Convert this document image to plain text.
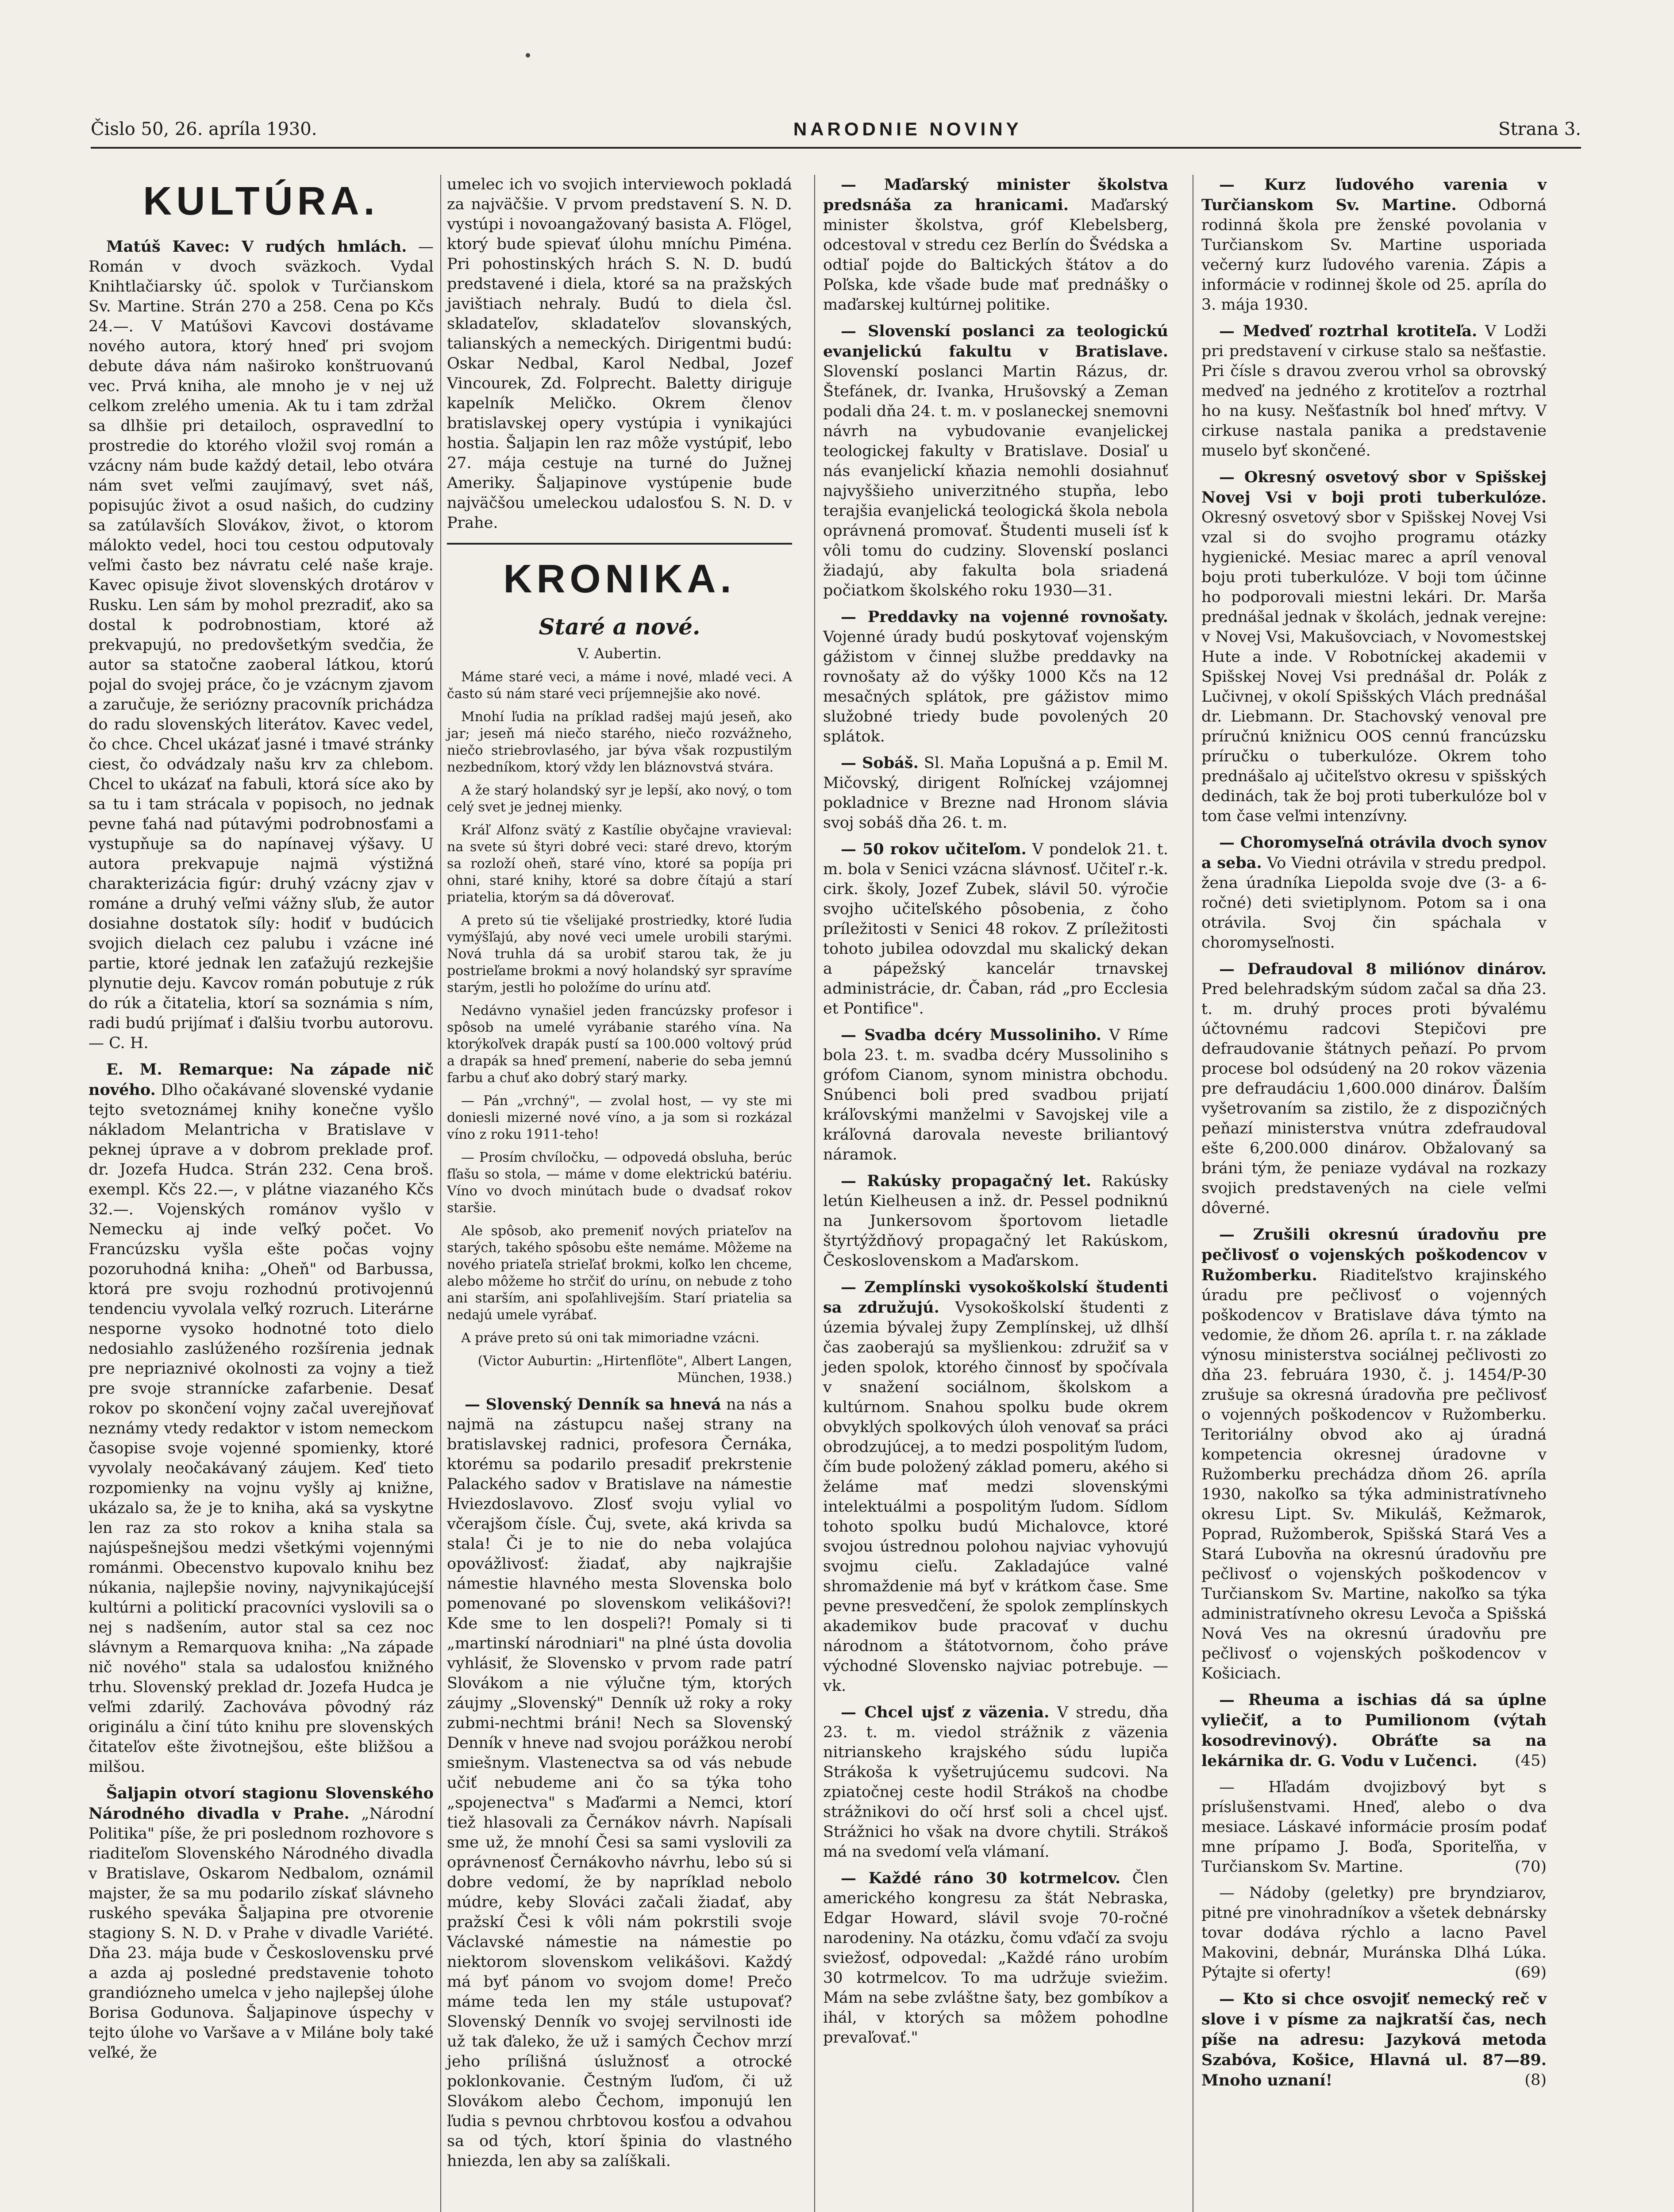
Čislo 50, 26. apríla 1930.	NARODNIE NOVINY	Strana 3.
KULTÚRA.

Matúš Kavec: V rudých hmlách. — Román v dvoch sväzkoch. Vydal Knihtlačiarsky úč. spolok v Turčianskom Sv. Martine. Strán 270 a 258. Cena po Kčs 24.—. V Matúšovi Kavcovi dostávame nového autora, ktorý hneď pri svojom debute dáva nám naširoko konštruovanú vec. Prvá kniha, ale mnoho je v nej už celkom zrelého umenia. Ak tu i tam zdržal sa dlhšie pri detailoch, ospravedlní to prostredie do ktorého vložil svoj román a vzácny nám bude každý detail, lebo otvára nám svet veľmi zaujímavý, svet náš, popisujúc život a osud našich, do cudziny sa zatúlavších Slovákov, život, o ktorom málokto vedel, hoci tou cestou odputovaly veľmi často bez návratu celé naše kraje. Kavec opisuje život slovenských drotárov v Rusku. Len sám by mohol prezradiť, ako sa dostal k podrobnostiam, ktoré až prekvapujú, no predovšetkým svedčia, že autor sa statočne zaoberal látkou, ktorú pojal do svojej práce, čo je vzácnym zjavom a zaručuje, že seriózny pracovník prichádza do radu slovenských literátov. Kavec vedel, čo chce. Chcel ukázať jasné i tmavé stránky ciest, čo odvádzaly našu krv za chlebom. Chcel to ukázať na fabuli, ktorá síce ako by sa tu i tam strácala v popisoch, no jednak pevne ťahá nad pútavými podrobnosťami a vystupňuje sa do napínavej výšavy. U autora prekvapuje najmä výstižná charakterizácia figúr: druhý vzácny zjav v románe a druhý veľmi vážny sľub, že autor dosiahne dostatok síly: hodiť v budúcich svojich dielach cez palubu i vzácne iné partie, ktoré jednak len zaťažujú rezkejšie plynutie deju. Kavcov román pobutuje z rúk do rúk a čitatelia, ktorí sa soznámia s ním, radi budú prijímať i ďalšiu tvorbu autorovu. — C. H.

E. M. Remarque: Na západe nič nového. Dlho očakávané slovenské vydanie tejto svetoznámej knihy konečne vyšlo nákladom Melantricha v Bratislave v peknej úprave a v dobrom preklade prof. dr. Jozefa Hudca. Strán 232. Cena broš. exempl. Kčs 22.—, v plátne viazaného Kčs 32.—. Vojenských románov vyšlo v Nemecku aj inde veľký počet. Vo Francúzsku vyšla ešte počas vojny pozoruhodná kniha: „Oheň" od Barbussa, ktorá pre svoju rozhodnú protivojennú tendenciu vyvolala veľký rozruch. Literárne nesporne vysoko hodnotné toto dielo nedosiahlo zaslúženého rozšírenia jednak pre nepriaznivé okolnosti za vojny a tiež pre svoje strannícke zafarbenie. Desať rokov po skončení vojny začal uverejňovať neznámy vtedy redaktor v istom nemeckom časopise svoje vojenné spomienky, ktoré vyvolaly neočakávaný záujem. Keď tieto rozpomienky na vojnu vyšly aj knižne, ukázalo sa, že je to kniha, aká sa vyskytne len raz za sto rokov a kniha stala sa najúspešnejšou medzi všetkými vojennými románmi. Obecenstvo kupovalo knihu bez núkania, najlepšie noviny, najvynikajúcejší kultúrni a politickí pracovníci vyslovili sa o nej s nadšením, autor stal sa cez noc slávnym a Remarquova kniha: „Na západe nič nového" stala sa udalosťou knižného trhu. Slovenský preklad dr. Jozefa Hudca je veľmi zdarilý. Zachováva pôvodný ráz originálu a činí túto knihu pre slovenských čitateľov ešte životnejšou, ešte bližšou a milšou.

Šaljapin otvorí stagionu Slovenského Národného divadla v Prahe. „Národní Politika" píše, že pri poslednom rozhovore s riaditeľom Slovenského Národného divadla v Bratislave, Oskarom Nedbalom, oznámil majster, že sa mu podarilo získať slávneho ruského speváka Šaljapina pre otvorenie stagiony S. N. D. v Prahe v divadle Variété. Dňa 23. mája bude v Československu prvé a azda aj posledné predstavenie tohoto grandiózneho umelca v jeho najlepšej úlohe Borisa Godunova. Šaljapinove úspechy v tejto úlohe vo Varšave a v Miláne boly také veľké, že

umelec ich vo svojich interviewoch pokladá za najväčšie. V prvom predstavení S. N. D. vystúpi i novoangažovaný basista A. Flögel, ktorý bude spievať úlohu mníchu Piména. Pri pohostinských hrách S. N. D. budú predstavené i diela, ktoré sa na pražských javištiach nehraly. Budú to diela čsl. skladateľov, skladateľov slovanských, talianských a nemeckých. Dirigentmi budú: Oskar Nedbal, Karol Nedbal, Jozef Vincourek, Zd. Folprecht. Baletty diriguje kapelník Meličko. Okrem členov bratislavskej opery vystúpia i vynikajúci hostia. Šaljapin len raz môže vystúpiť, lebo 27. mája cestuje na turné do Južnej Ameriky. Šaljapinove vystúpenie bude najväčšou umeleckou udalosťou S. N. D. v Prahe.

KRONIKA.
Staré a nové.
V. Aubertin.

Máme staré veci, a máme i nové, mladé veci. A často sú nám staré veci príjemnejšie ako nové.

Mnohí ľudia na príklad radšej majú jeseň, ako jar; jeseň má niečo starého, niečo rozvážneho, niečo striebrovlasého, jar býva však rozpustilým nezbedníkom, ktorý vždy len bláznovstvá stvára.

A že starý holandský syr je lepší, ako nový, o tom celý svet je jednej mienky.

Kráľ Alfonz svätý z Kastílie obyčajne vravieval: na svete sú štyri dobré veci: staré drevo, ktorým sa rozloží oheň, staré víno, ktoré sa popíja pri ohni, staré knihy, ktoré sa dobre čítajú a starí priatelia, ktorým sa dá dôverovať.

A preto sú tie všelijaké prostriedky, ktoré ľudia vymýšľajú, aby nové veci umele urobili starými. Nová truhla dá sa urobiť starou tak, že ju postrieľame brokmi a nový holandský syr spravíme starým, jestli ho položíme do urínu atď.

Nedávno vynašiel jeden francúzsky profesor i spôsob na umelé vyrábanie starého vína. Na ktorýkoľvek drapák pustí sa 100.000 voltový prúd a drapák sa hneď premení, naberie do seba jemnú farbu a chuť ako dobrý starý marky.

— Pán „vrchný", — zvolal host, — vy ste mi doniesli mizerné nové víno, a ja som si rozkázal víno z roku 1911-teho!

— Prosím chvíločku, — odpovedá obsluha, berúc fľašu so stola, — máme v dome elektrickú batériu. Víno vo dvoch minútach bude o dvadsať rokov staršie.

Ale spôsob, ako premeniť nových priateľov na starých, takého spôsobu ešte nemáme. Môžeme na nového priateľa strieľať brokmi, koľko len chceme, alebo môžeme ho strčiť do urínu, on nebude z toho ani starším, ani spoľahlivejším. Starí priatelia sa nedajú umele vyrábať.

A práve preto sú oni tak mimoriadne vzácni.

(Victor Auburtin: „Hirtenflöte", Albert Langen, München, 1938.)

— Slovenský Denník sa hnevá na nás a najmä na zástupcu našej strany na bratislavskej radnici, profesora Černáka, ktorému sa podarilo presadiť prekrstenie Palackého sadov v Bratislave na námestie Hviezdoslavovo. Zlosť svoju vylial vo včerajšom čísle. Čuj, svete, aká krivda sa stala! Či je to nie do neba volajúca opovážlivosť: žiadať, aby najkrajšie námestie hlavného mesta Slovenska bolo pomenované po slovenskom velikášovi?! Kde sme to len dospeli?! Pomaly si ti „martinskí národniari" na plné ústa dovolia vyhlásiť, že Slovensko v prvom rade patrí Slovákom a nie výlučne tým, ktorých záujmy „Slovenský" Denník už roky a roky zubmi-nechtmi bráni! Nech sa Slovenský Denník v hneve nad svojou porážkou nerobí smiešnym. Vlastenectva sa od vás nebude učiť nebudeme ani čo sa týka toho „spojenectva" s Maďarmi a Nemci, ktorí tiež hlasovali za Černákov návrh. Napísali sme už, že mnohí Česi sa sami vyslovili za oprávnenosť Černákovho návrhu, lebo sú si dobre vedomí, že by napríklad nebolo múdre, keby Slováci začali žiadať, aby pražskí Česi k vôli nám pokrstili svoje Václavské námestie na námestie po niektorom slovenskom velikášovi. Každý má byť pánom vo svojom dome! Prečo máme teda len my stále ustupovať? Slovenský Denník vo svojej servilnosti ide už tak ďaleko, že už i samých Čechov mrzí jeho prílišná úslužnosť a otrocké poklonkovanie. Čestným ľuďom, či už Slovákom alebo Čechom, imponujú len ľudia s pevnou chrbtovou kosťou a odvahou sa od tých, ktorí špinia do vlastného hniezda, len aby sa zalíškali.

— Maďarský minister školstva predsnáša za hranicami. Maďarský minister školstva, gróf Klebelsberg, odcestoval v stredu cez Berlín do Švédska a odtiaľ pojde do Baltických štátov a do Poľska, kde všade bude mať prednášky o maďarskej kultúrnej politike.

— Slovenskí poslanci za teologickú evanjelickú fakultu v Bratislave. Slovenskí poslanci Martin Rázus, dr. Štefánek, dr. Ivanka, Hrušovský a Zeman podali dňa 24. t. m. v poslaneckej snemovni návrh na vybudovanie evanjelickej teologickej fakulty v Bratislave. Dosiaľ u nás evanjelickí kňazia nemohli dosiahnuť najvyššieho univerzitného stupňa, lebo terajšia evanjelická teologická škola nebola oprávnená promovať. Študenti museli ísť k vôli tomu do cudziny. Slovenskí poslanci žiadajú, aby fakulta bola sriadená počiatkom školského roku 1930—31.

— Preddavky na vojenné rovnošaty. Vojenné úrady budú poskytovať vojenským gážistom v činnej službe preddavky na rovnošaty až do výšky 1000 Kčs na 12 mesačných splátok, pre gážistov mimo služobné triedy bude povolených 20 splátok.

— Sobáš. Sl. Maňa Lopušná a p. Emil M. Mičovský, dirigent Roľníckej vzájomnej pokladnice v Brezne nad Hronom slávia svoj sobáš dňa 26. t. m.

— 50 rokov učiteľom. V pondelok 21. t. m. bola v Senici vzácna slávnosť. Učiteľ r.-k. cirk. školy, Jozef Zubek, slávil 50. výročie svojho učiteľského pôsobenia, z čoho príležitosti v Senici 48 rokov. Z príležitosti tohoto jubilea odovzdal mu skalický dekan a pápežský kancelár trnavskej administrácie, dr. Čaban, rád „pro Ecclesia et Pontifice".

— Svadba dcéry Mussoliniho. V Ríme bola 23. t. m. svadba dcéry Mussoliniho s grófom Cianom, synom ministra obchodu. Snúbenci boli pred svadbou prijatí kráľovskými manželmi v Savojskej vile a kráľovná darovala neveste briliantový náramok.

— Rakúsky propagačný let. Rakúsky letún Kielheusen a inž. dr. Pessel podniknú na Junkersovom športovom lietadle štyrtýždňový propagačný let Rakúskom, Československom a Maďarskom.

— Zemplínski vysokoškolskí študenti sa združujú. Vysokoškolskí študenti z územia bývalej župy Zemplínskej, už dlhší čas zaoberajú sa myšlienkou: združiť sa v jeden spolok, ktorého činnosť by spočívala v snažení sociálnom, školskom a kultúrnom. Snahou spolku bude okrem obvyklých spolkových úloh venovať sa práci obrodzujúcej, a to medzi pospolitým ľudom, čím bude položený základ pomeru, akého si želáme mať medzi slovenskými intelektuálmi a pospolitým ľudom. Sídlom tohoto spolku budú Michalovce, ktoré svojou ústrednou polohou najviac vyhovujú svojmu cieľu. Zakladajúce valné shromaždenie má byť v krátkom čase. Sme pevne presvedčení, že spolok zemplínskych akademikov bude pracovať v duchu národnom a štátotvornom, čoho práve východné Slovensko najviac potrebuje. — vk.

— Chcel ujsť z väzenia. V stredu, dňa 23. t. m. viedol strážnik z väzenia nitrianskeho krajského súdu lupiča Strákoša k vyšetrujúcemu sudcovi. Na zpiatočnej ceste hodil Strákoš na chodbe strážnikovi do očí hrsť soli a chcel ujsť. Strážnici ho však na dvore chytili. Strákoš má na svedomí veľa vlámaní.

— Každé ráno 30 kotrmelcov. Člen amerického kongresu za štát Nebraska, Edgar Howard, slávil svoje 70-ročné narodeniny. Na otázku, čomu vďačí za svoju sviežosť, odpovedal: „Každé ráno urobím 30 kotrmelcov. To ma udržuje sviežim. Mám na sebe zvláštne šaty, bez gombíkov a ihál, v ktorých sa môžem pohodlne prevaľovať."

— Kurz ľudového varenia v Turčianskom Sv. Martine. Odborná rodinná škola pre ženské povolania v Turčianskom Sv. Martine usporiada večerný kurz ľudového varenia. Zápis a informácie v rodinnej škole od 25. apríla do 3. mája 1930.

— Medveď roztrhal krotiteľa. V Lodži pri predstavení v cirkuse stalo sa nešťastie. Pri čísle s dravou zverou vrhol sa obrovský medveď na jedného z krotiteľov a roztrhal ho na kusy. Nešťastník bol hneď mŕtvy. V cirkuse nastala panika a predstavenie muselo byť skončené.

— Okresný osvetový sbor v Spišskej Novej Vsi v boji proti tuberkulóze. Okresný osvetový sbor v Spišskej Novej Vsi vzal si do svojho programu otázky hygienické. Mesiac marec a apríl venoval boju proti tuberkulóze. V boji tom účinne ho podporovali miestni lekári. Dr. Marša prednášal jednak v školách, jednak verejne: v Novej Vsi, Makušovciach, v Novomestskej Hute a inde. V Robotníckej akademii v Spišskej Novej Vsi prednášal dr. Polák z Lučivnej, v okolí Spišských Vlách prednášal dr. Liebmann. Dr. Stachovský venoval pre príručnú knižnicu OOS cennú francúzsku príručku o tuberkulóze. Okrem toho prednášalo aj učiteľstvo okresu v spišských dedinách, tak že boj proti tuberkulóze bol v tom čase veľmi intenzívny.

— Choromyseľná otrávila dvoch synov a seba. Vo Viedni otrávila v stredu predpol. žena úradníka Liepolda svoje dve (3- a 6-ročné) deti svietiplynom. Potom sa i ona otrávila. Svoj čin spáchala v choromyseľnosti.

— Defraudoval 8 miliónov dinárov. Pred belehradským súdom začal sa dňa 23. t. m. druhý proces proti bývalému účtovnému radcovi Stepičovi pre defraudovanie štátnych peňazí. Po prvom procese bol odsúdený na 20 rokov väzenia pre defraudáciu 1,600.000 dinárov. Ďalším vyšetrovaním sa zistilo, že z dispozičných peňazí ministerstva vnútra zdefraudoval ešte 6,200.000 dinárov. Obžalovaný sa bráni tým, že peniaze vydával na rozkazy svojich predstavených na ciele veľmi dôverné.

— Zrušili okresnú úradovňu pre pečlivosť o vojenských poškodencov v Ružomberku. Riaditeľstvo krajinského úradu pre pečlivosť o vojenných poškodencov v Bratislave dáva týmto na vedomie, že dňom 26. apríla t. r. na základe výnosu ministerstva sociálnej pečlivosti zo dňa 23. februára 1930, č. j. 1454/P-30 zrušuje sa okresná úradovňa pre pečlivosť o vojenných poškodencov v Ružomberku. Teritoriálny obvod ako aj úradná kompetencia okresnej úradovne v Ružomberku prechádza dňom 26. apríla 1930, nakoľko sa týka administratívneho okresu Lipt. Sv. Mikuláš, Kežmarok, Poprad, Ružomberok, Spišská Stará Ves a Stará Ľubovňa na okresnú úradovňu pre pečlivosť o vojenských poškodencov v Turčianskom Sv. Martine, nakoľko sa týka administratívneho okresu Levoča a Spišská Nová Ves na okresnú úradovňu pre pečlivosť o vojenských poškodencov v Košiciach.

— Rheuma a ischias dá sa úplne vyliečiť, a to Pumilionom (výtah kosodrevinový). Obráťte sa na lekárnika dr. G. Vodu v Lučenci.	(45)

— Hľadám dvojizbový byt s príslušenstvami. Hneď, alebo o dva mesiace. Láskavé informácie prosím podať mne prípamo J. Boďa, Sporiteľňa, v Turčianskom Sv. Martine.	(70)

— Nádoby (geletky) pre bryndziarov, pitné pre vinohradníkov a všetek debnársky tovar dodáva rýchlo a lacno Pavel Makovini, debnár, Muránska Dlhá Lúka. Pýtajte si oferty!	(69)

— Kto si chce osvojiť nemecký reč v slove i v písme za najkratší čas, nech píše na adresu: Jazyková metoda Szabóva, Košice, Hlavná ul. 87—89. Mnoho uznaní!	(8)
